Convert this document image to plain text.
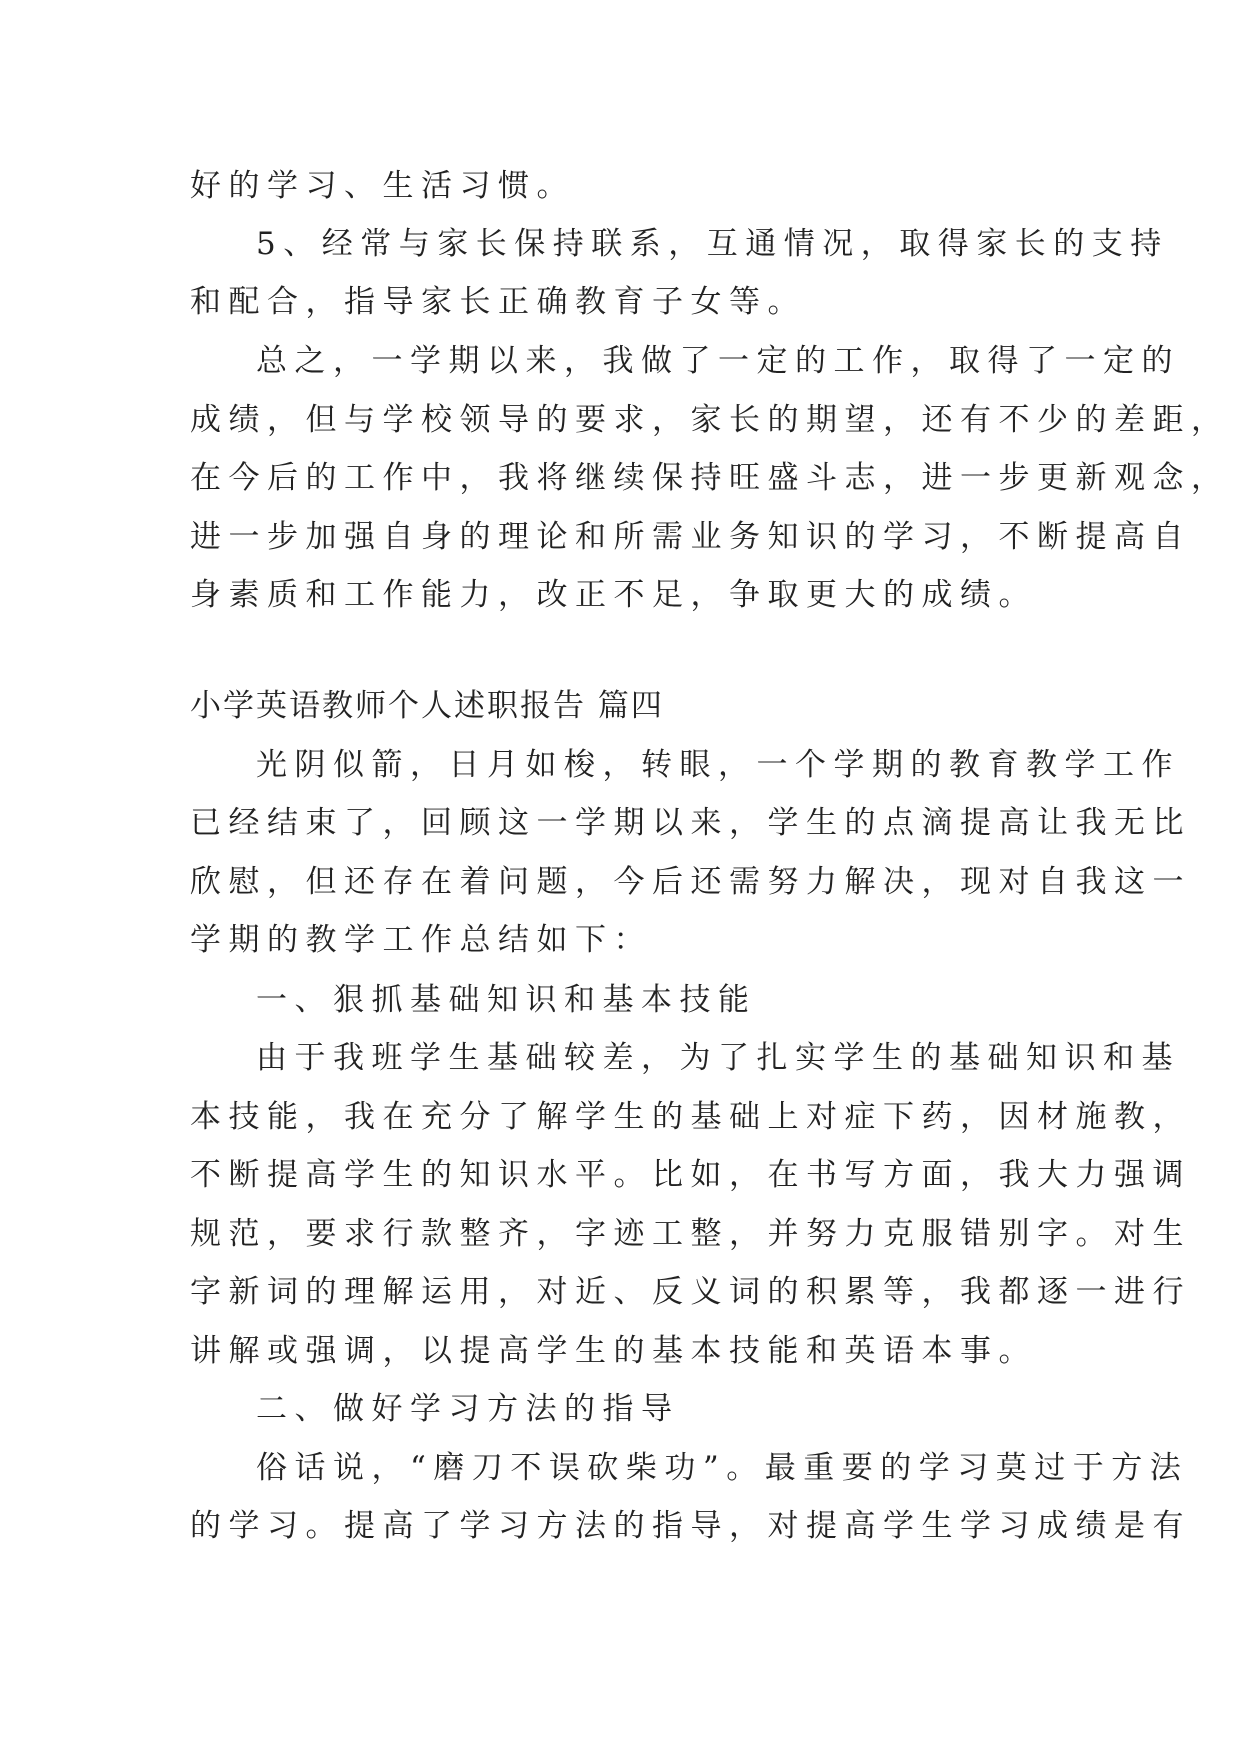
好的学习、生活习惯。
5、经常与家长保持联系，互通情况，取得家长的支持
和配合，指导家长正确教育子女等。
总之，一学期以来，我做了一定的工作，取得了一定的
成绩，但与学校领导的要求，家长的期望，还有不少的差距，
在今后的工作中，我将继续保持旺盛斗志，进一步更新观念，
进一步加强自身的理论和所需业务知识的学习，不断提高自
身素质和工作能力，改正不足，争取更大的成绩。
小学英语教师个人述职报告 篇四
光阴似箭，日月如梭，转眼，一个学期的教育教学工作
已经结束了，回顾这一学期以来，学生的点滴提高让我无比
欣慰，但还存在着问题，今后还需努力解决，现对自我这一
学期的教学工作总结如下：
一、狠抓基础知识和基本技能
由于我班学生基础较差，为了扎实学生的基础知识和基
本技能，我在充分了解学生的基础上对症下药，因材施教，
不断提高学生的知识水平。比如，在书写方面，我大力强调
规范，要求行款整齐，字迹工整，并努力克服错别字。对生
字新词的理解运用，对近、反义词的积累等，我都逐一进行
讲解或强调，以提高学生的基本技能和英语本事。
二、做好学习方法的指导
俗话说，“磨刀不误砍柴功”。最重要的学习莫过于方法
的学习。提高了学习方法的指导，对提高学生学习成绩是有
